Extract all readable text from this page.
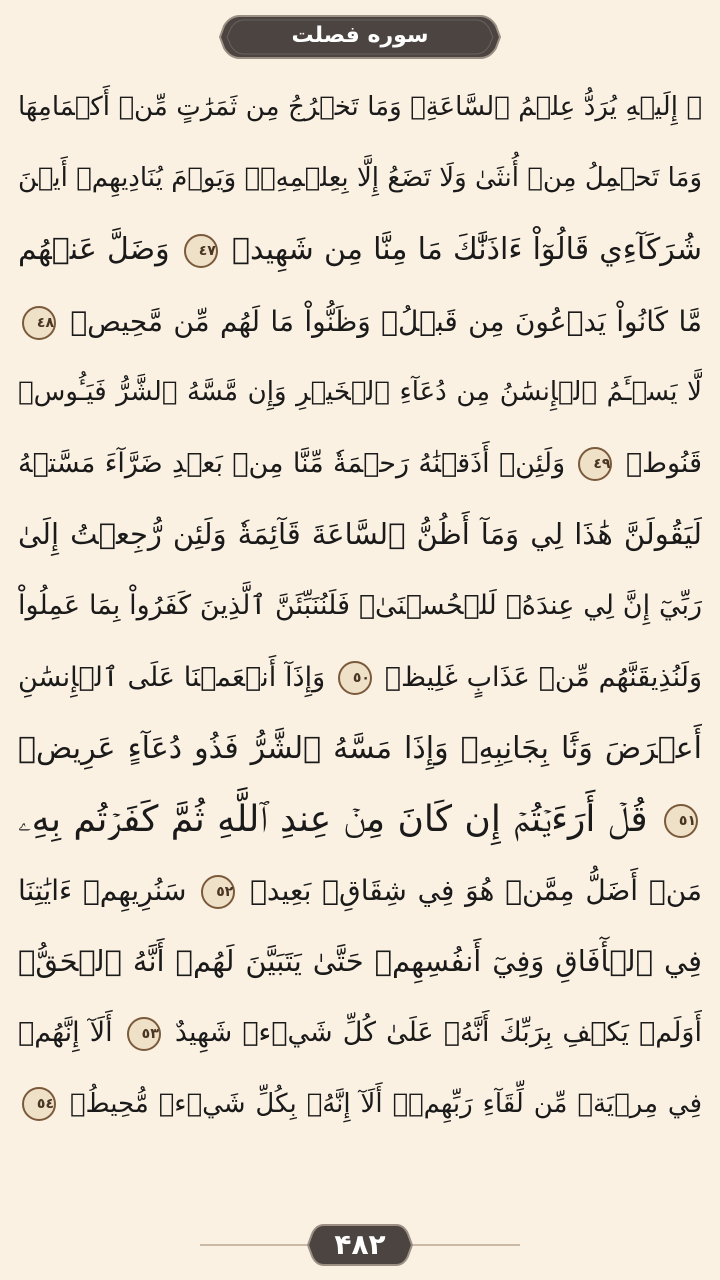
سوره فصلت
۞ إِلَيۡهِ يُرَدُّ عِلۡمُ ٱلسَّاعَةِۚ وَمَا تَخۡرُجُ مِن ثَمَرَٰتٍ مِّنۡ أَكۡمَامِهَا
وَمَا تَحۡمِلُ مِنۡ أُنثَىٰ وَلَا تَضَعُ إِلَّا بِعِلۡمِهِۦۚ وَيَوۡمَ يُنَادِيهِمۡ أَيۡنَ
شُرَكَآءِي قَالُوٓاْ ءَاذَنَّٰكَ مَا مِنَّا مِن شَهِيدٖ ٤٧ وَضَلَّ عَنۡهُم
مَّا كَانُواْ يَدۡعُونَ مِن قَبۡلُۖ وَظَنُّواْ مَا لَهُم مِّن مَّحِيصٖ ٤٨
لَّا يَسۡـَٔمُ ٱلۡإِنسَٰنُ مِن دُعَآءِ ٱلۡخَيۡرِ وَإِن مَّسَّهُ ٱلشَّرُّ فَيَـُٔوسٞ
قَنُوطٞ ٤٩ وَلَئِنۡ أَذَقۡنَٰهُ رَحۡمَةٗ مِّنَّا مِنۢ بَعۡدِ ضَرَّآءَ مَسَّتۡهُ
لَيَقُولَنَّ هَٰذَا لِي وَمَآ أَظُنُّ ٱلسَّاعَةَ قَآئِمَةٗ وَلَئِن رُّجِعۡتُ إِلَىٰ
رَبِّيٓ إِنَّ لِي عِندَهُۥ لَلۡحُسۡنَىٰۚ فَلَنُنَبِّئَنَّ ٱلَّذِينَ كَفَرُواْ بِمَا عَمِلُواْ
وَلَنُذِيقَنَّهُم مِّنۡ عَذَابٍ غَلِيظٖ ٥٠ وَإِذَآ أَنۡعَمۡنَا عَلَى ٱلۡإِنسَٰنِ
أَعۡرَضَ وَنََٔا بِجَانِبِهِۦ وَإِذَا مَسَّهُ ٱلشَّرُّ فَذُو دُعَآءٍ عَرِيضٖ
٥١ قُلۡ أَرَءَيۡتُمۡ إِن كَانَ مِنۡ عِندِ ٱللَّهِ ثُمَّ كَفَرۡتُم بِهِۦ
مَنۡ أَضَلُّ مِمَّنۡ هُوَ فِي شِقَاقِۭ بَعِيدٖ ٥٢ سَنُرِيهِمۡ ءَايَٰتِنَا
فِي ٱلۡأٓفَاقِ وَفِيٓ أَنفُسِهِمۡ حَتَّىٰ يَتَبَيَّنَ لَهُمۡ أَنَّهُ ٱلۡحَقُّۗ
أَوَلَمۡ يَكۡفِ بِرَبِّكَ أَنَّهُۥ عَلَىٰ كُلِّ شَيۡءٖ شَهِيدٌ ٥٣ أَلَآ إِنَّهُمۡ
فِي مِرۡيَةٖ مِّن لِّقَآءِ رَبِّهِمۡۗ أَلَآ إِنَّهُۥ بِكُلِّ شَيۡءٖ مُّحِيطُۢ ٥٤
۴۸۲
